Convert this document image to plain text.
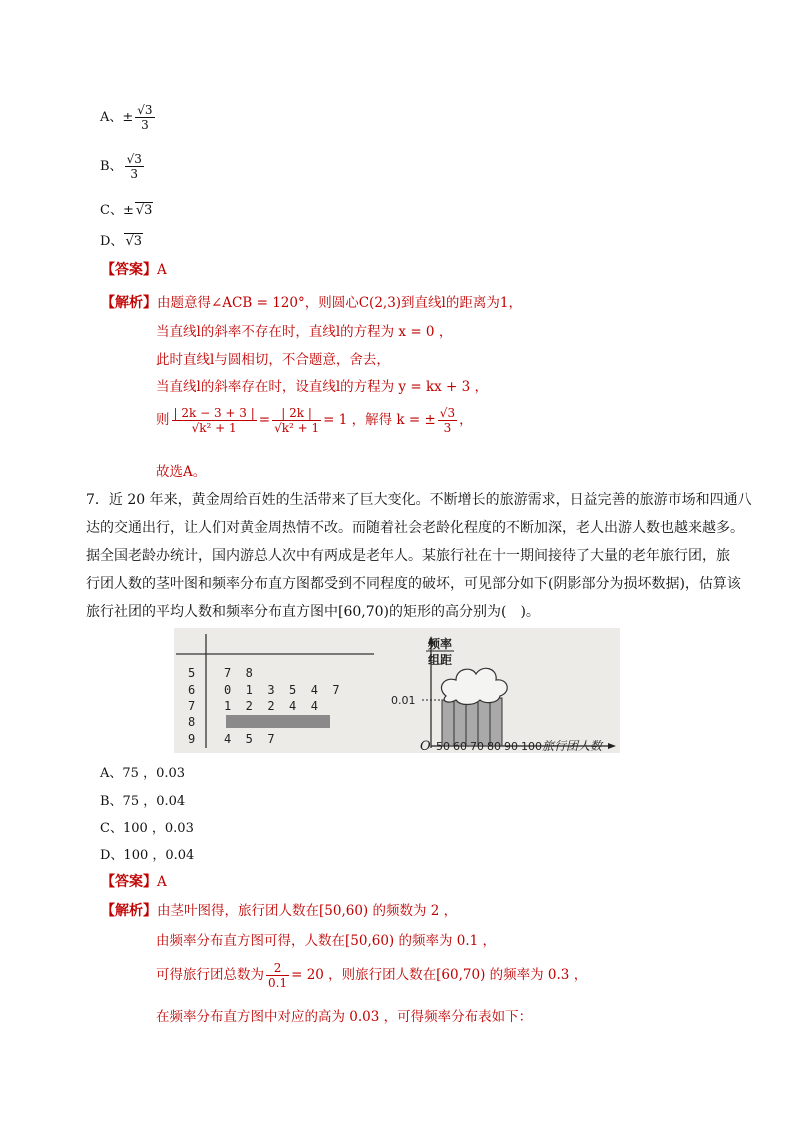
A、± $\frac{√3}{3}$
B、 $\frac{√3}{3}$
C、± √3
D、 √3
【答案】A
【解析】由题意得∠ACB = 120°，则圆心C(2,3)到直线l的距离为1，
当直线l的斜率不存在时，直线l的方程为 x = 0 ，
此时直线l与圆相切，不合题意，舍去，
当直线l的斜率存在时，设直线l的方程为 y = kx + 3 ，
则 $\frac{| 2k - 3 + 3 |}{\text{√k² + 1}} = \frac{| 2k |}{\text{√k² + 1}} = 1$ ，解得 k = ± $\frac{√3}{3}$ ，
故选A。
7．近 20 年来，黄金周给百姓的生活带来了巨大变化。不断增长的旅游需求，日益完善的旅游市场和四通八
达的交通出行，让人们对黄金周热情不改。而随着社会老龄化程度的不断加深，老人出游人数也越来越多。
据全国老龄办统计，国内游总人次中有两成是老年人。某旅行社在十一期间接待了大量的老年旅行团，旅
行团人数的茎叶图和频率分布直方图都受到不同程度的破坏，可见部分如下(阴影部分为损坏数据)，估算该
旅行社团的平均人数和频率分布直方图中[60,70)的矩形的高分别为(　)。
5 7  8
6 0  1  3  5  4  7
7 1  2  2  4  4
8
9 4  5  7
频率
组距
0.01
O 50 60 70 80 90 100 旅行团人数
A、75 ，0.03
B、75 ，0.04
C、100 ，0.03
D、100 ，0.04
【答案】A
【解析】由茎叶图得，旅行团人数在[50,60) 的频数为 2 ，
由频率分布直方图可得，人数在[50,60) 的频率为 0.1 ，
可得旅行团总数为 $\frac{2}{0.1} = 20$ ，则旅行团人数在[60,70) 的频率为 0.3 ，
在频率分布直方图中对应的高为 0.03 ，可得频率分布表如下：
